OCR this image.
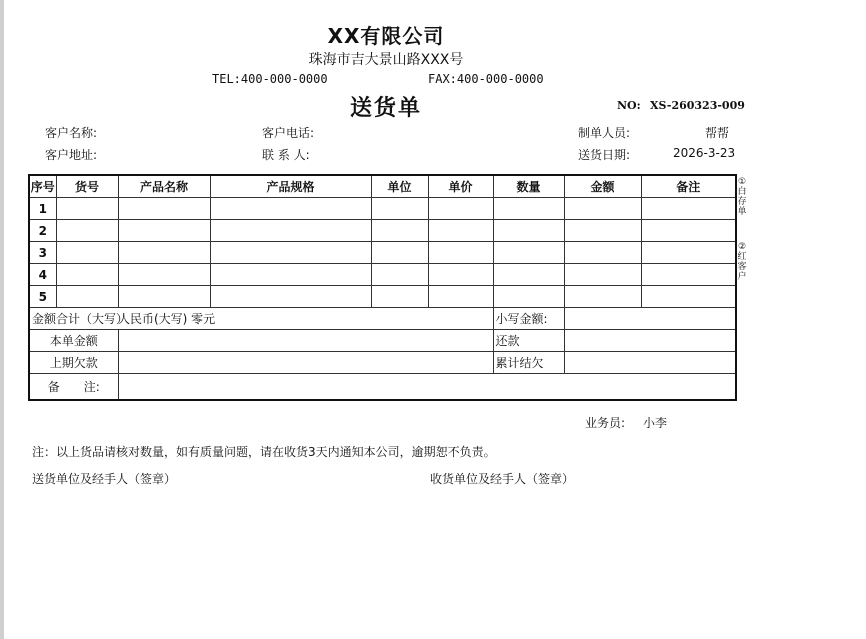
XX有限公司
珠海市吉大景山路XXX号
TEL:400-000-0000	FAX:400-000-0000
送货单	NO: XS-260323-009
客户名称:	客户电话:	制单人员:	帮帮
客户地址:	联 系 人:	送货日期:	2026-3-23
序号	货号	产品名称	产品规格	单位	单价	数量	金额	备注
1								
2								
3								
4								
5								
金额合计（大写）人民币(大写) 零元						小写金额:		
本单金额						还款		
上期欠款						累计结欠		
备　　注:								
①白存单
②红客户
业务员: 小李
注：以上货品请核对数量，如有质量问题，请在收货3天内通知本公司，逾期恕不负责。
送货单位及经手人（签章）	收货单位及经手人（签章）
